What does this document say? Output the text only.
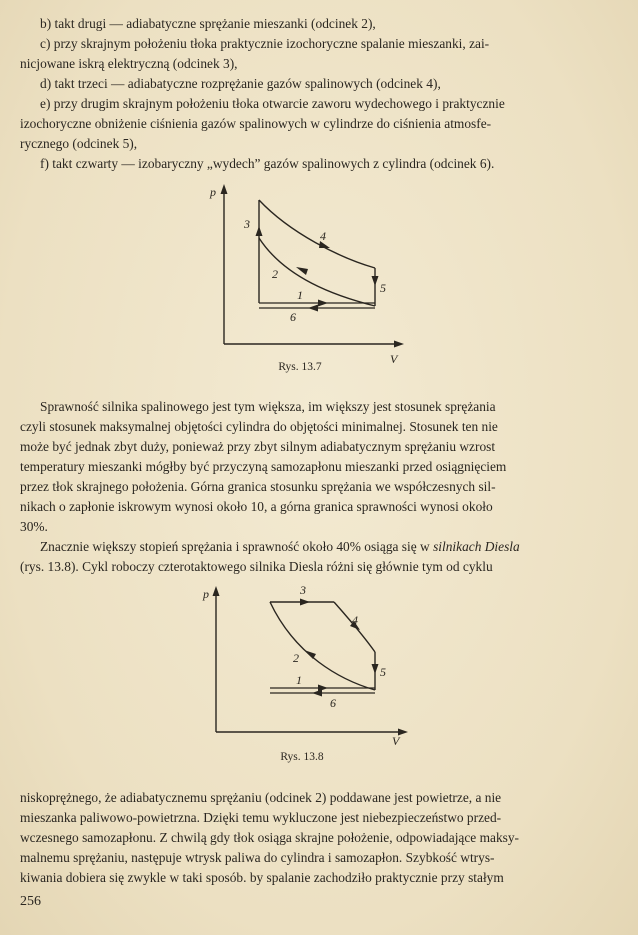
b) takt drugi — adiabatyczne sprężanie mieszanki (odcinek 2),
c) przy skrajnym położeniu tłoka praktycznie izochoryczne spalanie mieszanki, zai-
nicjowane iskrą elektryczną (odcinek 3),
d) takt trzeci — adiabatyczne rozprężanie gazów spalinowych (odcinek 4),
e) przy drugim skrajnym położeniu tłoka otwarcie zaworu wydechowego i praktycznie
izochoryczne obniżenie ciśnienia gazów spalinowych w cylindrze do ciśnienia atmosfe-
rycznego (odcinek 5),
f) takt czwarty — izobaryczny „wydech” gazów spalinowych z cylindra (odcinek 6).
p
V
3
4
2
5
1
6
Rys. 13.7
Sprawność silnika spalinowego jest tym większa, im większy jest stosunek sprężania
czyli stosunek maksymalnej objętości cylindra do objętości minimalnej. Stosunek ten nie
może być jednak zbyt duży, ponieważ przy zbyt silnym adiabatycznym sprężaniu wzrost
temperatury mieszanki mógłby być przyczyną samozapłonu mieszanki przed osiągnięciem
przez tłok skrajnego położenia. Górna granica stosunku sprężania we współczesnych sil-
nikach o zapłonie iskrowym wynosi około 10, a górna granica sprawności wynosi około
30%.
Znacznie większy stopień sprężania i sprawność około 40% osiąga się w silnikach Diesla
(rys. 13.8). Cykl roboczy czterotaktowego silnika Diesla różni się głównie tym od cyklu
p
V
3
4
2
5
1
6
Rys. 13.8
niskoprężnego, że adiabatycznemu sprężaniu (odcinek 2) poddawane jest powietrze, a nie
mieszanka paliwowo-powietrzna. Dzięki temu wykluczone jest niebezpieczeństwo przed-
wczesnego samozapłonu. Z chwilą gdy tłok osiąga skrajne położenie, odpowiadające maksy-
malnemu sprężaniu, następuje wtrysk paliwa do cylindra i samozapłon. Szybkość wtrys-
kiwania dobiera się zwykle w taki sposób. by spalanie zachodziło praktycznie przy stałym
256
